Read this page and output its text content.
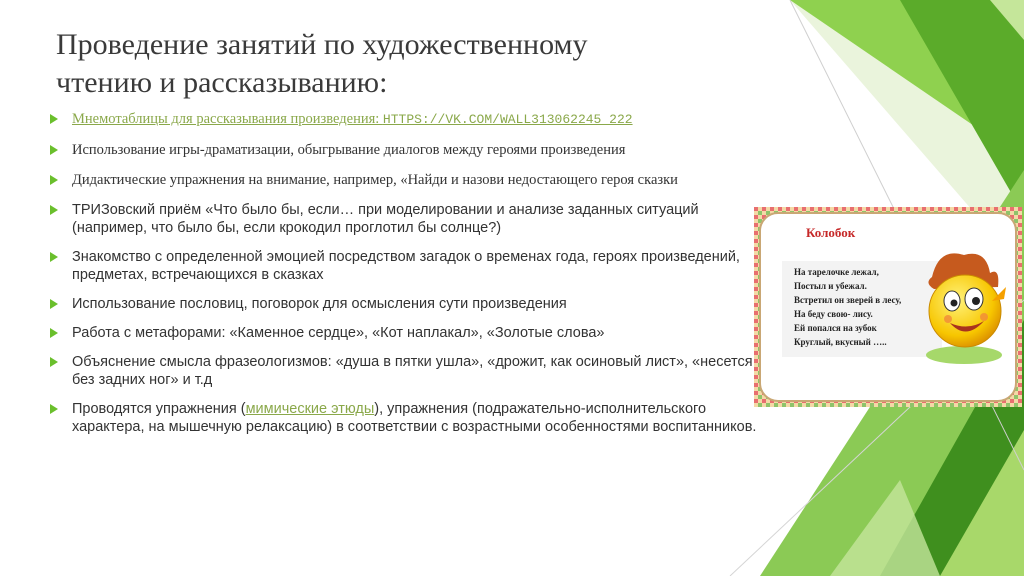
Проведение занятий по художественному
чтению и рассказыванию:
Мнемотаблицы для рассказывания произведения: HTTPS://VK.COM/WALL313062245_222
Использование игры-драматизации, обыгрывание диалогов между героями произведения
Дидактические упражнения на внимание, например, «Найди и назови недостающего героя сказки
ТРИЗовский приём «Что было бы, если… при моделировании и анализе заданных ситуаций (например, что было бы, если крокодил проглотил бы солнце?)
Знакомство с определенной эмоцией посредством загадок о временах года, героях произведений, предметах, встречающихся в сказках
Использование пословиц, поговорок для осмысления сути произведения
Работа с метафорами: «Каменное сердце», «Кот наплакал», «Золотые слова»
Объяснение смысла фразеологизмов: «душа в пятки ушла», «дрожит, как осиновый лист», «несется без задних ног» и т.д
Проводятся упражнения (мимические этюды), упражнения (подражательно-исполнительского характера, на мышечную релаксацию) в соответствии с возрастными особенностями воспитанников.
Колобок
На тарелочке лежал,
Постыл и убежал.
Встретил он зверей в лесу,
На беду свою- лису.
Ей попался на зубок
Круглый, вкусный …..
